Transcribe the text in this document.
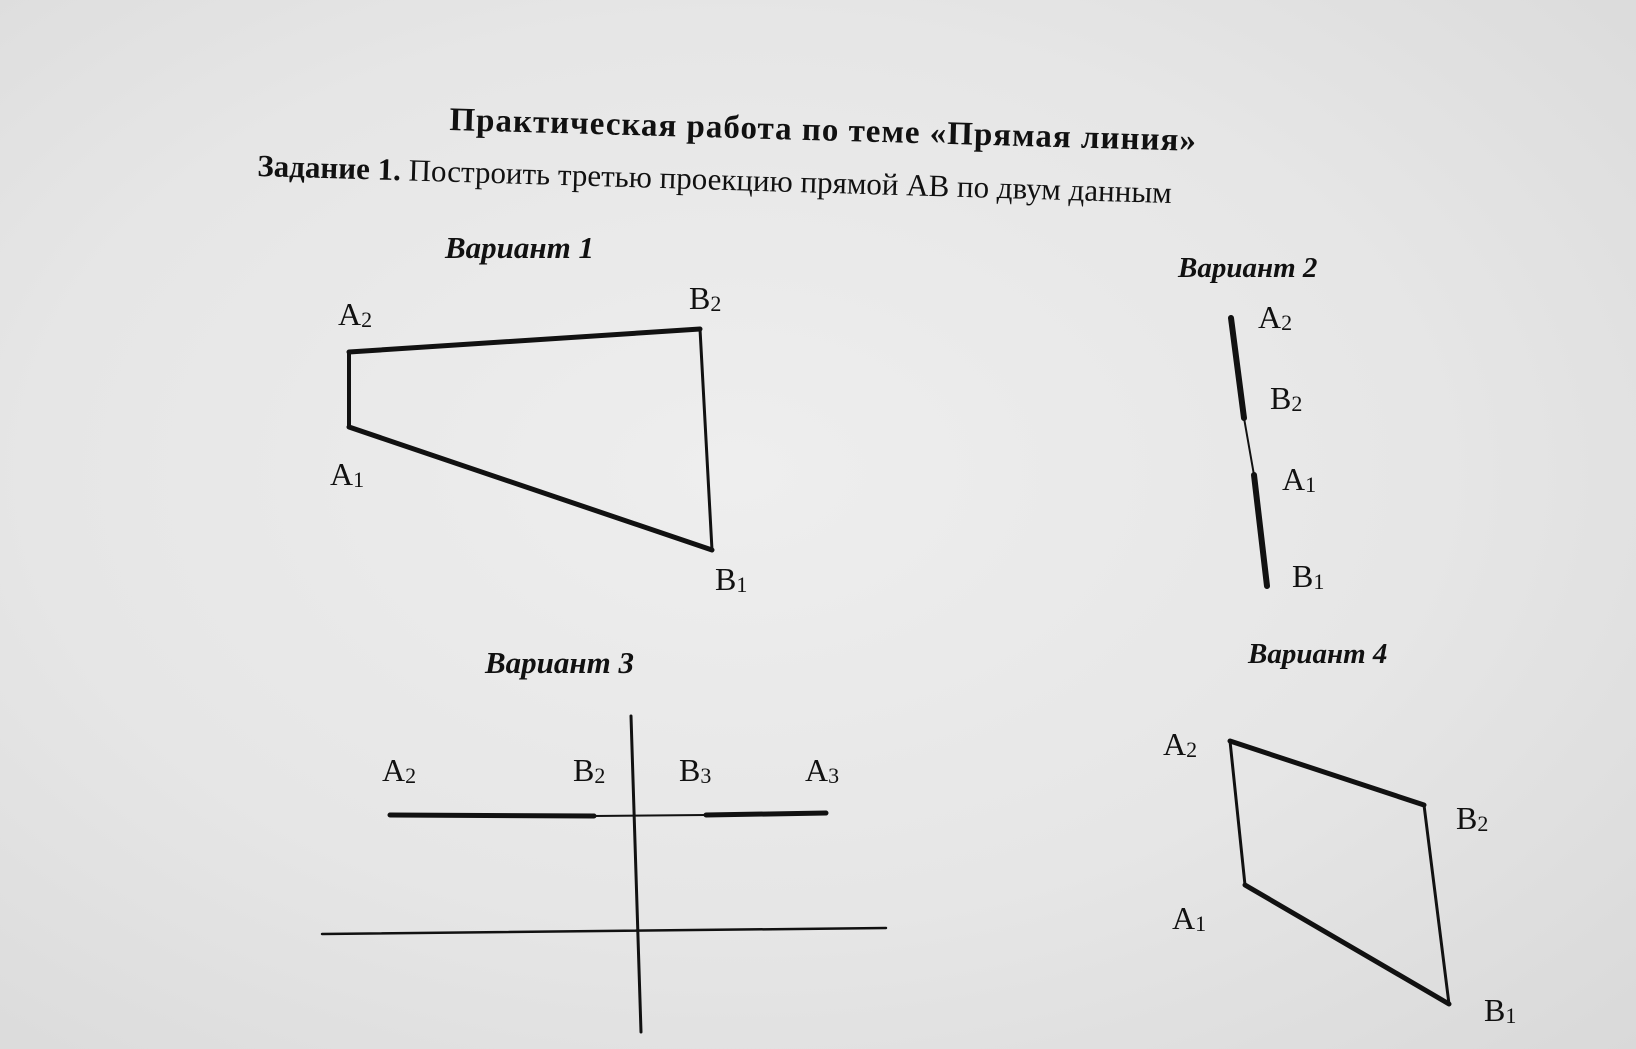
Практическая работа по теме «Прямая линия»
Задание 1. Построить третью проекцию прямой АВ по двум данным
Вариант 1
$A_2$
$B_2$
$A_1$
$B_1$
Вариант 2
$A_2$
$B_2$
$A_1$
$B_1$
Вариант 3
$A_2$	$B_2$ $B_3$	$A_3$
Вариант 4
$A_2$
$B_2$
$A_1$
$B_1$
